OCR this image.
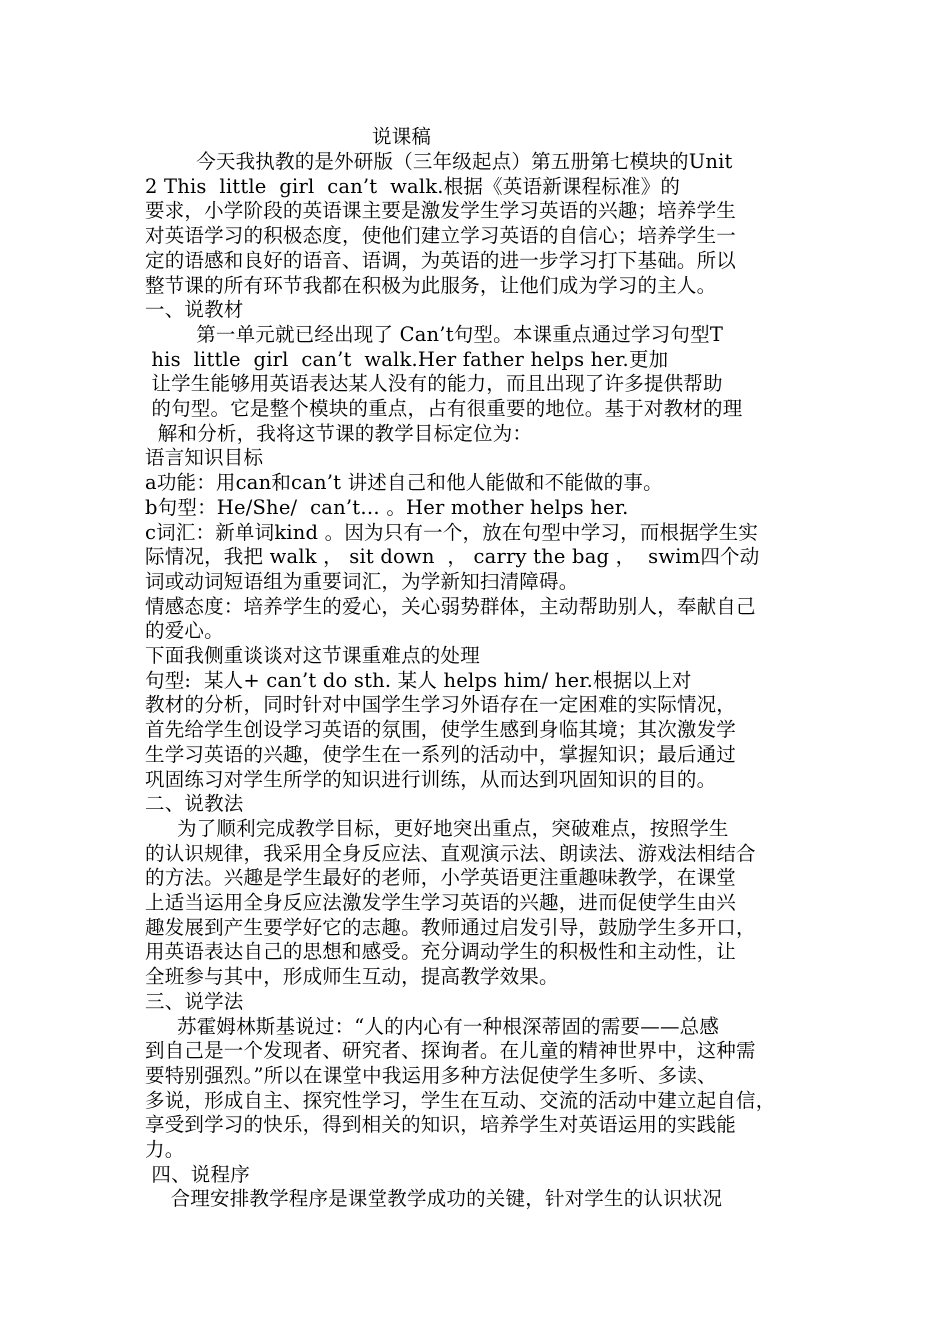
说课稿
今天我执教的是外研版（三年级起点）第五册第七模块的Unit
2 This  little  girl  can’t  walk.根据《英语新课程标准》的
要求，小学阶段的英语课主要是激发学生学习英语的兴趣；培养学生
对英语学习的积极态度，使他们建立学习英语的自信心；培养学生一
定的语感和良好的语音、语调，为英语的进一步学习打下基础。所以
整节课的所有环节我都在积极为此服务，让他们成为学习的主人。
一、说教材
第一单元就已经出现了 Can’t句型。本课重点通过学习句型T
his  little  girl  can’t  walk.Her father helps her.更加
让学生能够用英语表达某人没有的能力，而且出现了许多提供帮助
的句型。它是整个模块的重点，占有很重要的地位。基于对教材的理
解和分析，我将这节课的教学目标定位为：
语言知识目标
a功能：用can和can’t 讲述自己和他人能做和不能做的事。
b句型：He/She/  can’t… 。Her mother helps her.
c词汇：新单词kind 。因为只有一个，放在句型中学习，而根据学生实
际情况，我把 walk ， sit down  ， carry the bag ，  swim四个动
词或动词短语组为重要词汇，为学新知扫清障碍。
情感态度：培养学生的爱心，关心弱势群体，主动帮助别人，奉献自己
的爱心。
下面我侧重谈谈对这节课重难点的处理
句型:  某人+ can’t do sth. 某人 helps him/ her.根据以上对
教材的分析，同时针对中国学生学习外语存在一定困难的实际情况，
首先给学生创设学习英语的氛围，使学生感到身临其境；其次激发学
生学习英语的兴趣，使学生在一系列的活动中，掌握知识；最后通过
巩固练习对学生所学的知识进行训练，从而达到巩固知识的目的。
二、说教法
为了顺利完成教学目标，更好地突出重点，突破难点，按照学生
的认识规律，我采用全身反应法、直观演示法、朗读法、游戏法相结合
的方法。兴趣是学生最好的老师，小学英语更注重趣味教学，在课堂
上适当运用全身反应法激发学生学习英语的兴趣，进而促使学生由兴
趣发展到产生要学好它的志趣。教师通过启发引导，鼓励学生多开口，
用英语表达自己的思想和感受。充分调动学生的积极性和主动性，让
全班参与其中，形成师生互动，提高教学效果。
三、说学法
苏霍姆林斯基说过：“人的内心有一种根深蒂固的需要——总感
到自己是一个发现者、研究者、探询者。在儿童的精神世界中，这种需
要特别强烈。”所以在课堂中我运用多种方法促使学生多听、多读、
多说，形成自主、探究性学习，学生在互动、交流的活动中建立起自信，
享受到学习的快乐，得到相关的知识，培养学生对英语运用的实践能
力。
四、说程序
合理安排教学程序是课堂教学成功的关键，针对学生的认识状况
